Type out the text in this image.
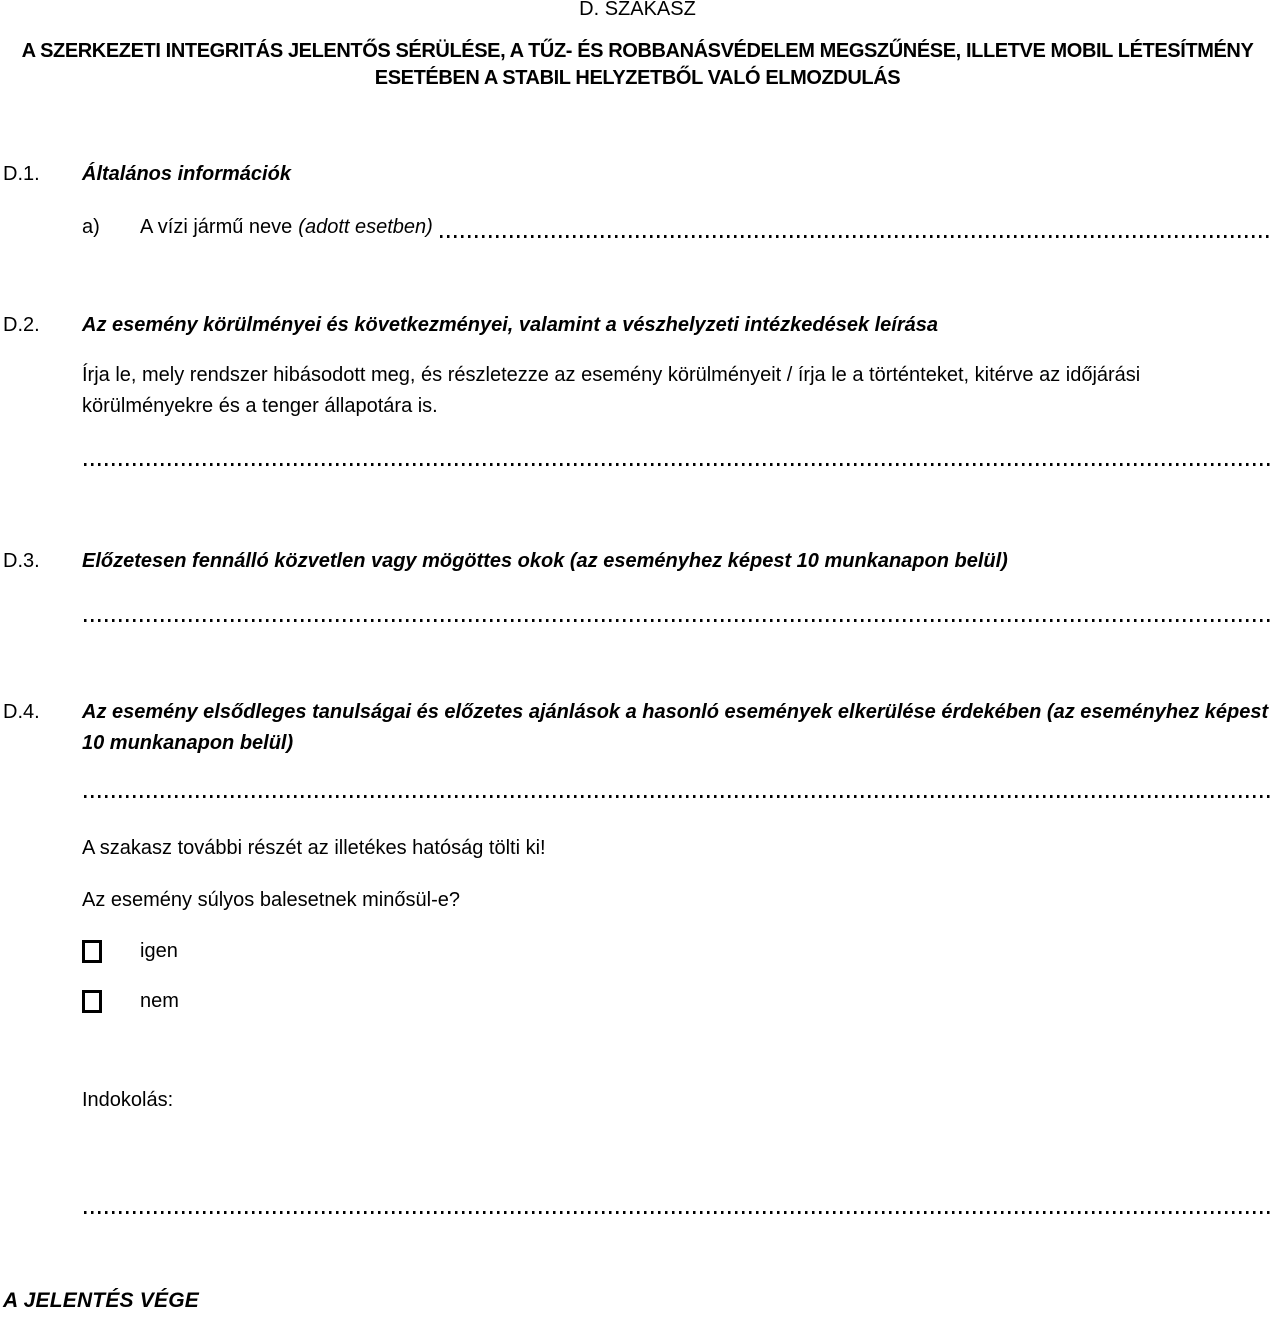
D. SZAKASZ
A SZERKEZETI INTEGRITÁS JELENTŐS SÉRÜLÉSE, A TŰZ- ÉS ROBBANÁSVÉDELEM MEGSZŰNÉSE, ILLETVE MOBIL LÉTESÍTMÉNY ESETÉBEN A STABIL HELYZETBŐL VALÓ ELMOZDULÁS
D.1.	Általános információk
a)	A vízi jármű neve (adott esetben)
D.2.	Az esemény körülményei és következményei, valamint a vészhelyzeti intézkedések leírása
Írja le, mely rendszer hibásodott meg, és részletezze az esemény körülményeit / írja le a történteket, kitérve az időjárási körülményekre és a tenger állapotára is.
D.3.	Előzetesen fennálló közvetlen vagy mögöttes okok (az eseményhez képest 10 munkanapon belül)
D.4.	Az esemény elsődleges tanulságai és előzetes ajánlások a hasonló események elkerülése érdekében (az eseményhez képest 10 munkanapon belül)
A szakasz további részét az illetékes hatóság tölti ki!
Az esemény súlyos balesetnek minősül-e?
igen
nem
Indokolás:
A JELENTÉS VÉGE
